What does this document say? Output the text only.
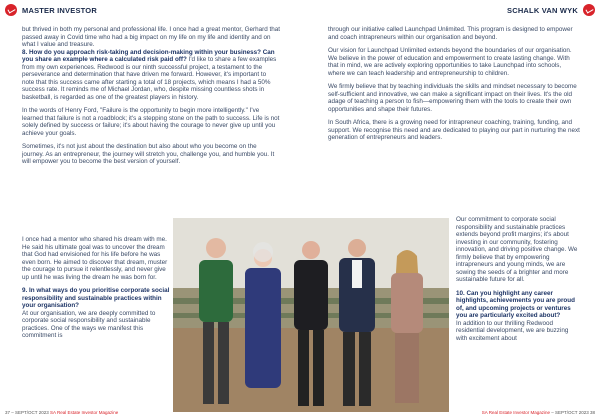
MASTER INVESTOR	SCHALK VAN WYK

but thrived in both my personal and professional life. I once had a great mentor, Gerhard that passed away in Covid time who had a big impact on my life on my life and identity and on what I value and treasure.

8. How do you approach risk-taking and decision-making within your business? Can you share an example where a calculated risk paid off? I'd like to share a few examples from my own experiences. Redwood is our ninth successful project, a testament to the perseverance and determination that have driven me forward. However, it's important to note that this success came after starting a total of 18 projects, which means I had a 50% success rate. It reminds me of Michael Jordan, who, despite missing countless shots in basketball, is regarded as one of the greatest players in history.

In the words of Henry Ford, "Failure is the opportunity to begin more intelligently." I've learned that failure is not a roadblock; it's a stepping stone on the path to success. Life is not solely defined by success or failure; it's about having the courage to never give up until you achieve your goals.

Sometimes, it's not just about the destination but also about who you become on the journey. As an entrepreneur, the journey will stretch you, challenge you, and humble you. It will empower you to become the best version of yourself.

I once had a mentor who shared his dream with me. He said his ultimate goal was to uncover the dream that God had envisioned for his life before he was even born. He aimed to discover that dream, muster the courage to pursue it relentlessly, and never give up until he was living the dream he was born for.

9. In what ways do you prioritise corporate social responsibility and sustainable practices within your organisation?
At our organisation, we are deeply committed to corporate social responsibility and sustainable practices. One of the ways we manifest this commitment is

through our initiative called Launchpad Unlimited. This program is designed to empower and coach intrapreneurs within our organisation and beyond.

Our vision for Launchpad Unlimited extends beyond the boundaries of our organisation. We believe in the power of education and empowerment to create lasting change. With that in mind, we are actively exploring opportunities to take Launchpad into schools, where we can teach leadership and entrepreneurship to children.

We firmly believe that by teaching individuals the skills and mindset necessary to become self-sufficient and innovative, we can make a significant impact on their lives. It's the old adage of teaching a person to fish—empowering them with the tools to create their own opportunities and shape their futures.

In South Africa, there is a growing need for intrapreneur coaching, training, funding, and support. We recognise this need and are dedicated to playing our part in nurturing the next generation of entrepreneurs and leaders.

Our commitment to corporate social responsibility and sustainable practices extends beyond profit margins; it's about investing in our community, fostering innovation, and driving positive change. We firmly believe that by empowering intrapreneurs and young minds, we are sowing the seeds of a brighter and more sustainable future for all.

10. Can you highlight any career highlights, achievements you are proud of, and upcoming projects or ventures you are particularly excited about?
In addition to our thrilling Redwood residential development, we are buzzing with excitement about

37 – SEPT/OCT 2023 SA Real Estate Investor Magazine	SA Real Estate Investor Magazine – SEPT/OCT 2023 38
